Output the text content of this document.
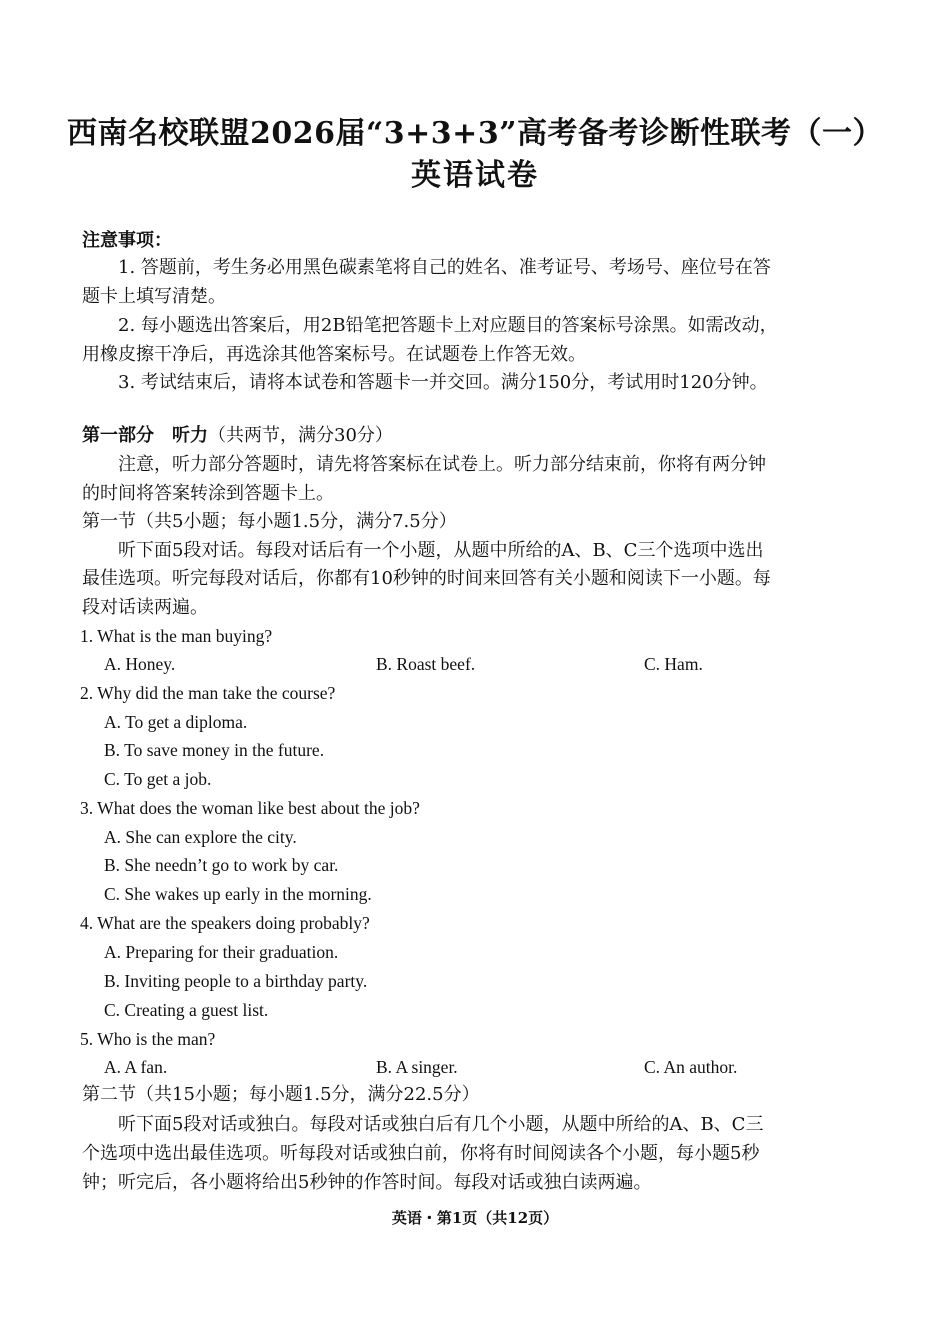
西南名校联盟2026届“3+3+3”高考备考诊断性联考（一）
英语试卷
注意事项：
1. 答题前，考生务必用黑色碳素笔将自己的姓名、准考证号、考场号、座位号在答
题卡上填写清楚。
2. 每小题选出答案后，用2B铅笔把答题卡上对应题目的答案标号涂黑。如需改动，
用橡皮擦干净后，再选涂其他答案标号。在试题卷上作答无效。
3. 考试结束后，请将本试卷和答题卡一并交回。满分150分，考试用时120分钟。
第一部分　听力（共两节，满分30分）
注意，听力部分答题时，请先将答案标在试卷上。听力部分结束前，你将有两分钟
的时间将答案转涂到答题卡上。
第一节（共5小题；每小题1.5分，满分7.5分）
听下面5段对话。每段对话后有一个小题，从题中所给的A、B、C三个选项中选出
最佳选项。听完每段对话后，你都有10秒钟的时间来回答有关小题和阅读下一小题。每
段对话读两遍。
1. What is the man buying?
A. Honey.	B. Roast beef.	C. Ham.
2. Why did the man take the course?
A. To get a diploma.
B. To save money in the future.
C. To get a job.
3. What does the woman like best about the job?
A. She can explore the city.
B. She needn’t go to work by car.
C. She wakes up early in the morning.
4. What are the speakers doing probably?
A. Preparing for their graduation.
B. Inviting people to a birthday party.
C. Creating a guest list.
5. Who is the man?
A. A fan.	B. A singer.	C. An author.
第二节（共15小题；每小题1.5分，满分22.5分）
听下面5段对话或独白。每段对话或独白后有几个小题，从题中所给的A、B、C三
个选项中选出最佳选项。听每段对话或独白前，你将有时间阅读各个小题，每小题5秒
钟；听完后，各小题将给出5秒钟的作答时间。每段对话或独白读两遍。
英语・第1页（共12页）
